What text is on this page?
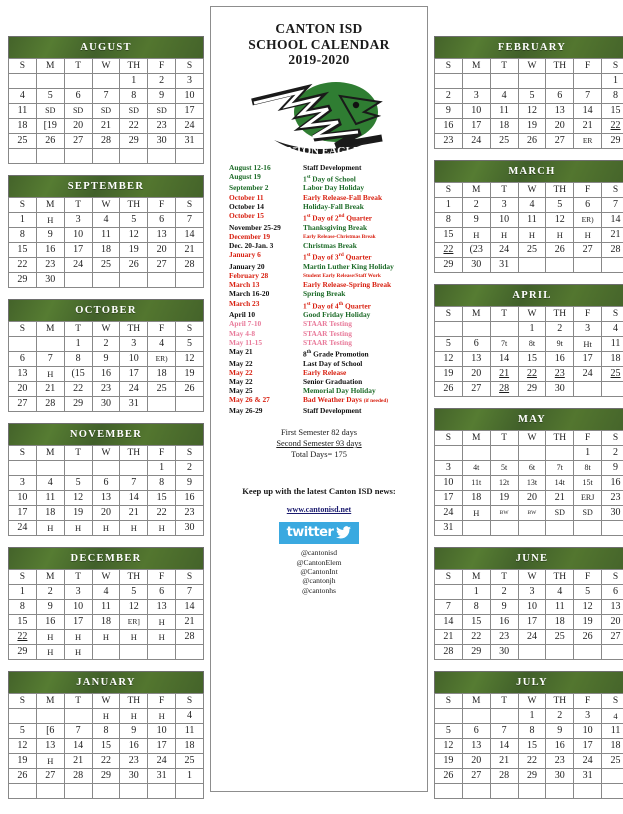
AUGUST
S	M	T	W	TH	F	S
				1	2	3
4	5	6	7	8	9	10
11	SD	SD	SD	SD	SD	17
18	[19	20	21	22	23	24
25	26	27	28	29	30	31

SEPTEMBER
S	M	T	W	TH	F	S
1	H	3	4	5	6	7
8	9	10	11	12	13	14
15	16	17	18	19	20	21
22	23	24	25	26	27	28
29	30					
OCTOBER
S	M	T	W	TH	F	S
		1	2	3	4	5
6	7	8	9	10	ER)	12
13	H	(15	16	17	18	19
20	21	22	23	24	25	26
27	28	29	30	31		
NOVEMBER
S	M	T	W	TH	F	S
					1	2
3	4	5	6	7	8	9
10	11	12	13	14	15	16
17	18	19	20	21	22	23
24	H	H	H	H	H	30
DECEMBER
S	M	T	W	TH	F	S
1	2	3	4	5	6	7
8	9	10	11	12	13	14
15	16	17	18	ER]	H	21
22	H	H	H	H	H	28
29	H	H				
JANUARY
S	M	T	W	TH	F	S
			H	H	H	4
5	[6	7	8	9	10	11
12	13	14	15	16	17	18
19	H	21	22	23	24	25
26	27	28	29	30	31	1

CANTON ISD
SCHOOL CALENDAR
2019-2020
CANTON EAGLES
August 12-16	Staff Development
August 19	1st Day of School
September 2	Labor Day Holiday
October 11	Early Release-Fall Break
October 14	Holiday-Fall Break
October 15	1st Day of 2nd Quarter
November 25-29	Thanksgiving Break
December 19	Early Release-Christmas Break
Dec. 20-Jan. 3	Christmas Break
January 6	1st Day of 3rd Quarter
January 20	Martin Luther King Holiday
February 28	Student Early Release/Staff Work
March 13	Early Release-Spring Break
March 16-20	Spring Break
March 23	1st Day of 4th Quarter
April 10	Good Friday Holiday
April 7-10	STAAR Testing
May 4-8	STAAR Testing
May 11-15	STAAR Testing
May 21	8th Grade Promotion
May 22	Last Day of School
May 22	Early Release
May 22	Senior Graduation
May 25	Memorial Day Holiday
May 26 & 27	Bad Weather Days (if needed)
May 26-29	Staff Development
First Semester 82 days
Second Semester 93 days
Total Days= 175
Keep up with the latest Canton ISD news:
www.cantonisd.net
twitter
@cantonisd
@CantonElem
@CantonInt
@cantonjh
@cantonhs
FEBRUARY
S	M	T	W	TH	F	S
						1
2	3	4	5	6	7	8
9	10	11	12	13	14	15
16	17	18	19	20	21	22
23	24	25	26	27	ER	29
MARCH
S	M	T	W	TH	F	S
1	2	3	4	5	6	7
8	9	10	11	12	ER)	14
15	H	H	H	H	H	21
22	(23	24	25	26	27	28
29	30	31				
APRIL
S	M	T	W	TH	F	S
			1	2	3	4
5	6	7t	8t	9t	Ht	11
12	13	14	15	16	17	18
19	20	21	22	23	24	25
26	27	28	29	30		
MAY
S	M	T	W	TH	F	S
					1	2
3	4t	5t	6t	7t	8t	9
10	11t	12t	13t	14t	15t	16
17	18	19	20	21	ERJ	23
24	H	BW	BW	SD	SD	30
31						
JUNE
S	M	T	W	TH	F	S
	1	2	3	4	5	6
7	8	9	10	11	12	13
14	15	16	17	18	19	20
21	22	23	24	25	26	27
28	29	30				
JULY
S	M	T	W	TH	F	S
			1	2	3	4
5	6	7	8	9	10	11
12	13	14	15	16	17	18
19	20	21	22	23	24	25
26	27	28	29	30	31	
